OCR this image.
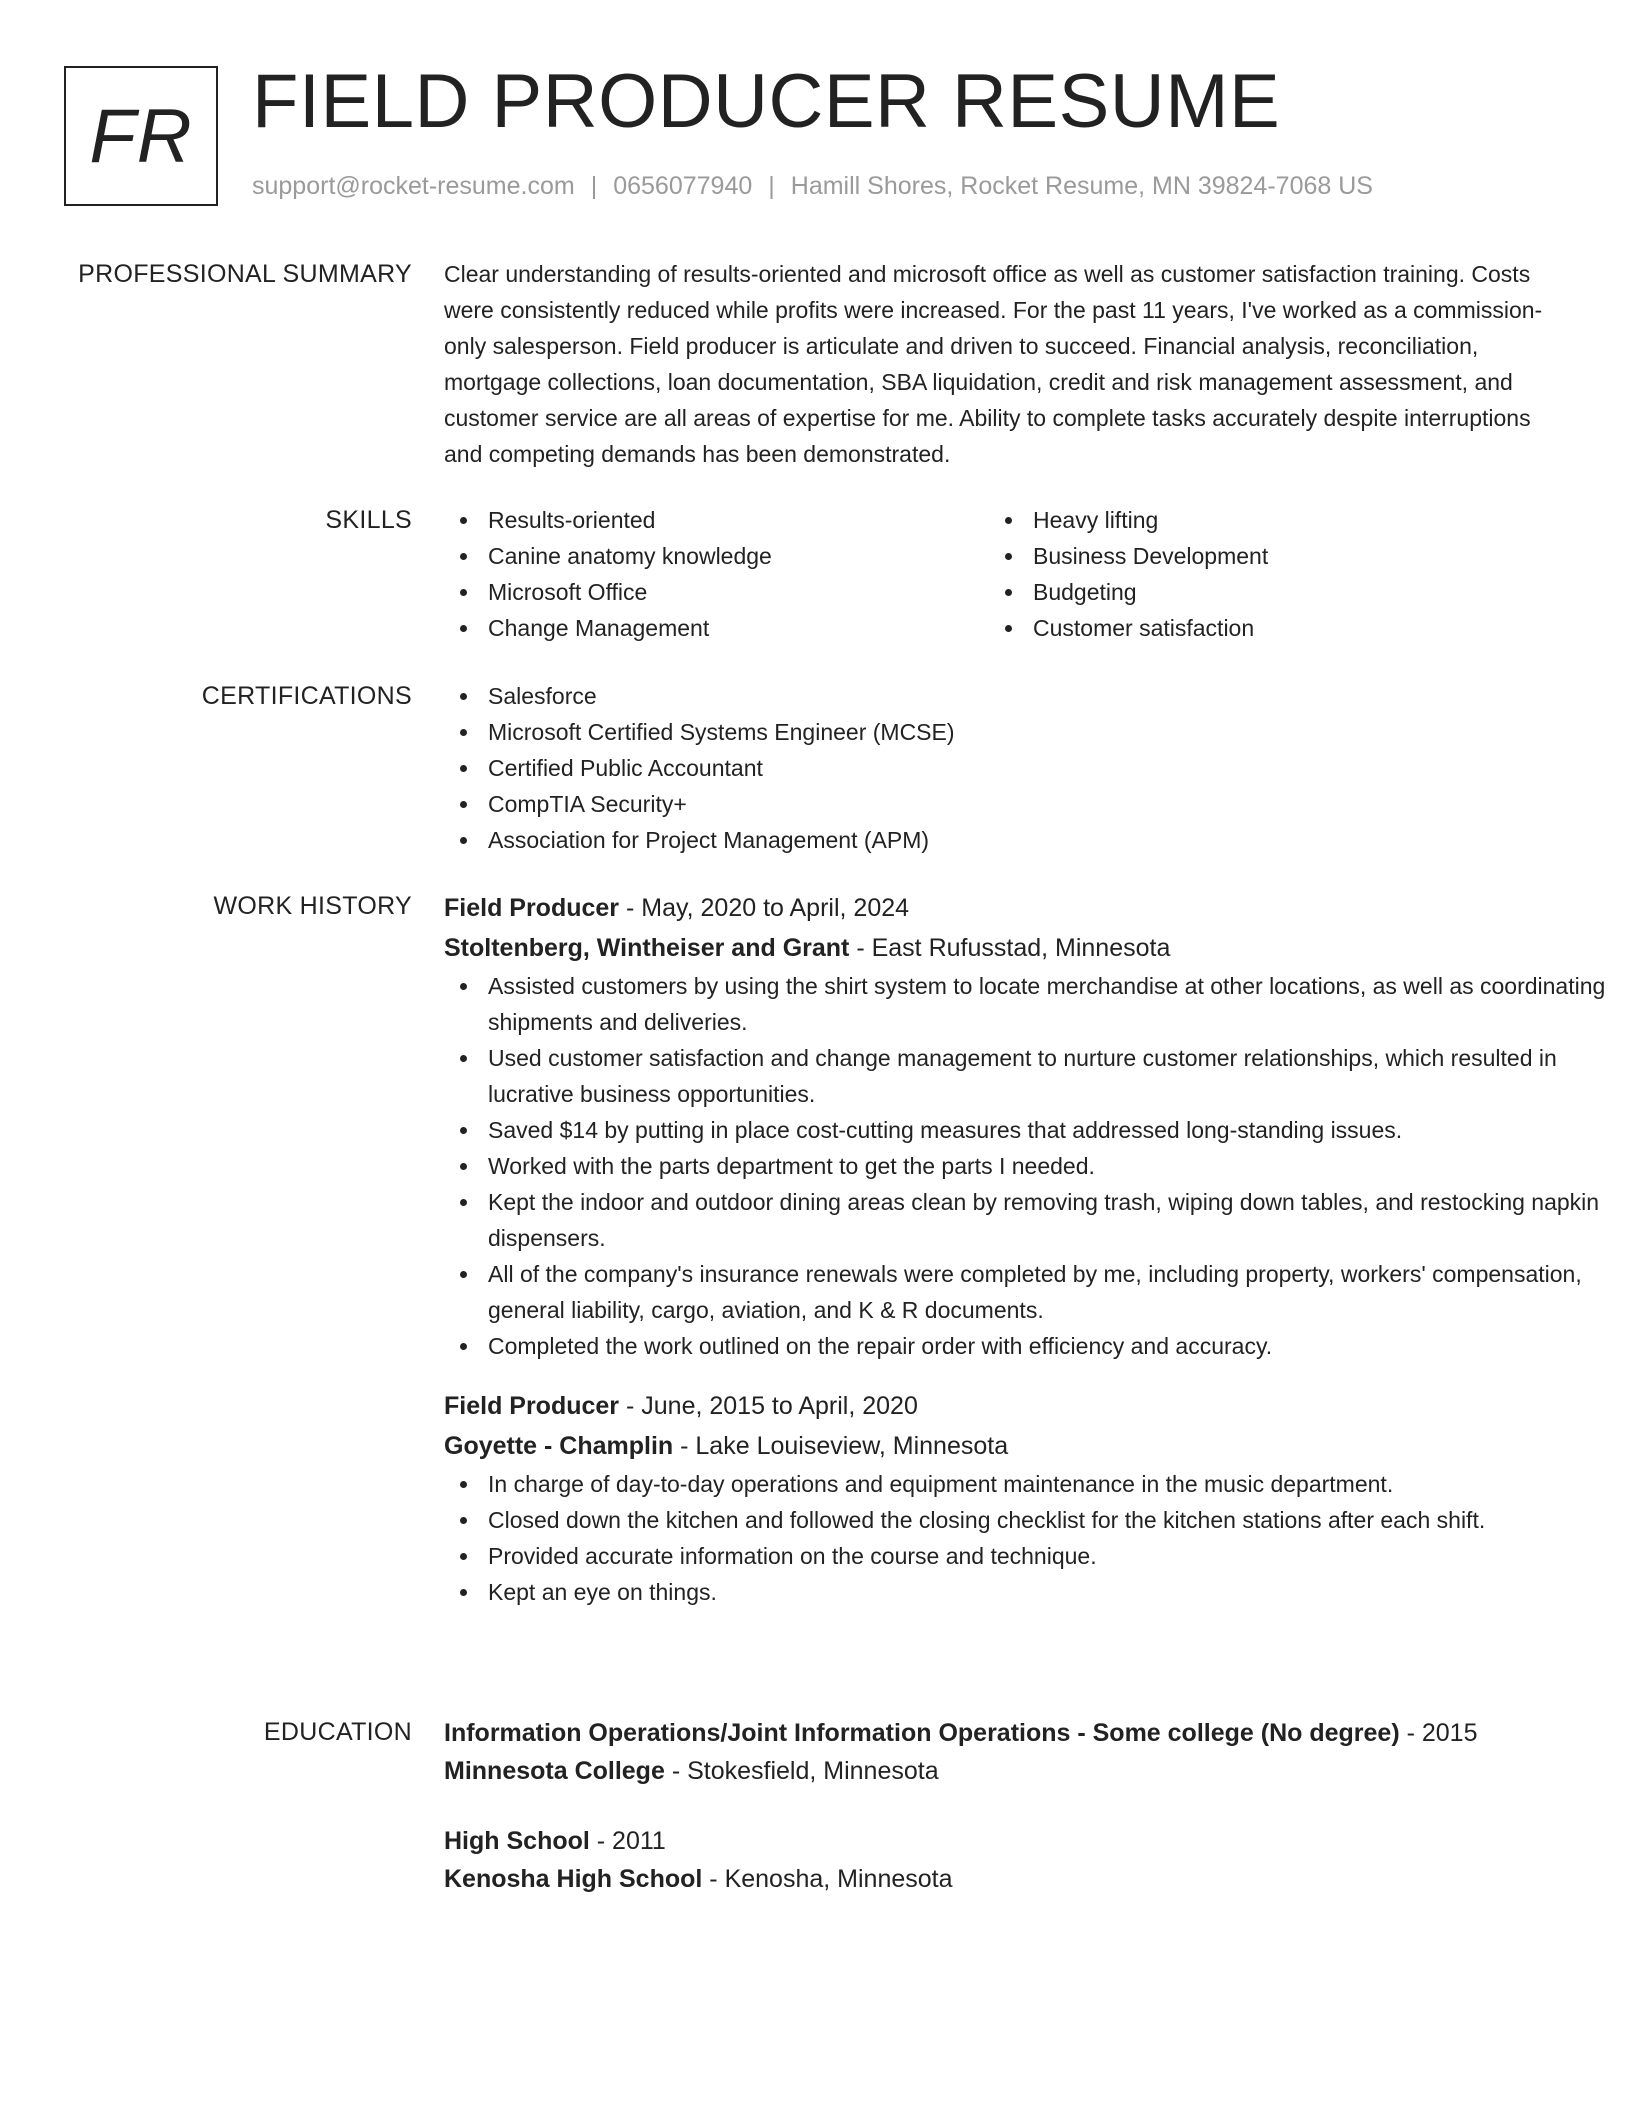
FR FIELD PRODUCER RESUME
support@rocket-resume.com | 0656077940 | Hamill Shores, Rocket Resume, MN 39824-7068 US
PROFESSIONAL SUMMARY Clear understanding of results-oriented and microsoft office as well as customer satisfaction training. Costs were consistently reduced while profits were increased. For the past 11 years, I've worked as a commission-only salesperson. Field producer is articulate and driven to succeed. Financial analysis, reconciliation, mortgage collections, loan documentation, SBA liquidation, credit and risk management assessment, and customer service are all areas of expertise for me. Ability to complete tasks accurately despite interruptions and competing demands has been demonstrated.

SKILLS	Results-oriented
Canine anatomy knowledge
Microsoft Office
Change Management
Heavy lifting
Business Development
Budgeting
Customer satisfaction
CERTIFICATIONS	Salesforce
Microsoft Certified Systems Engineer (MCSE)
Certified Public Accountant
CompTIA Security+
Association for Project Management (APM)
WORK HISTORY Field Producer - May, 2020 to April, 2024
Stoltenberg, Wintheiser and Grant - East Rufusstad, Minnesota
Assisted customers by using the shirt system to locate merchandise at other locations, as well as coordinating shipments and deliveries.
Used customer satisfaction and change management to nurture customer relationships, which resulted in lucrative business opportunities.
Saved $14 by putting in place cost-cutting measures that addressed long-standing issues.
Worked with the parts department to get the parts I needed.
Kept the indoor and outdoor dining areas clean by removing trash, wiping down tables, and restocking napkin dispensers.
All of the company's insurance renewals were completed by me, including property, workers' compensation, general liability, cargo, aviation, and K & R documents.
Completed the work outlined on the repair order with efficiency and accuracy.
Field Producer - June, 2015 to April, 2020
Goyette - Champlin - Lake Louiseview, Minnesota
In charge of day-to-day operations and equipment maintenance in the music department.
Closed down the kitchen and followed the closing checklist for the kitchen stations after each shift.
Provided accurate information on the course and technique.
Kept an eye on things.
EDUCATION Information Operations/Joint Information Operations - Some college (No degree) - 2015
Minnesota College - Stokesfield, Minnesota
High School - 2011
Kenosha High School - Kenosha, Minnesota
